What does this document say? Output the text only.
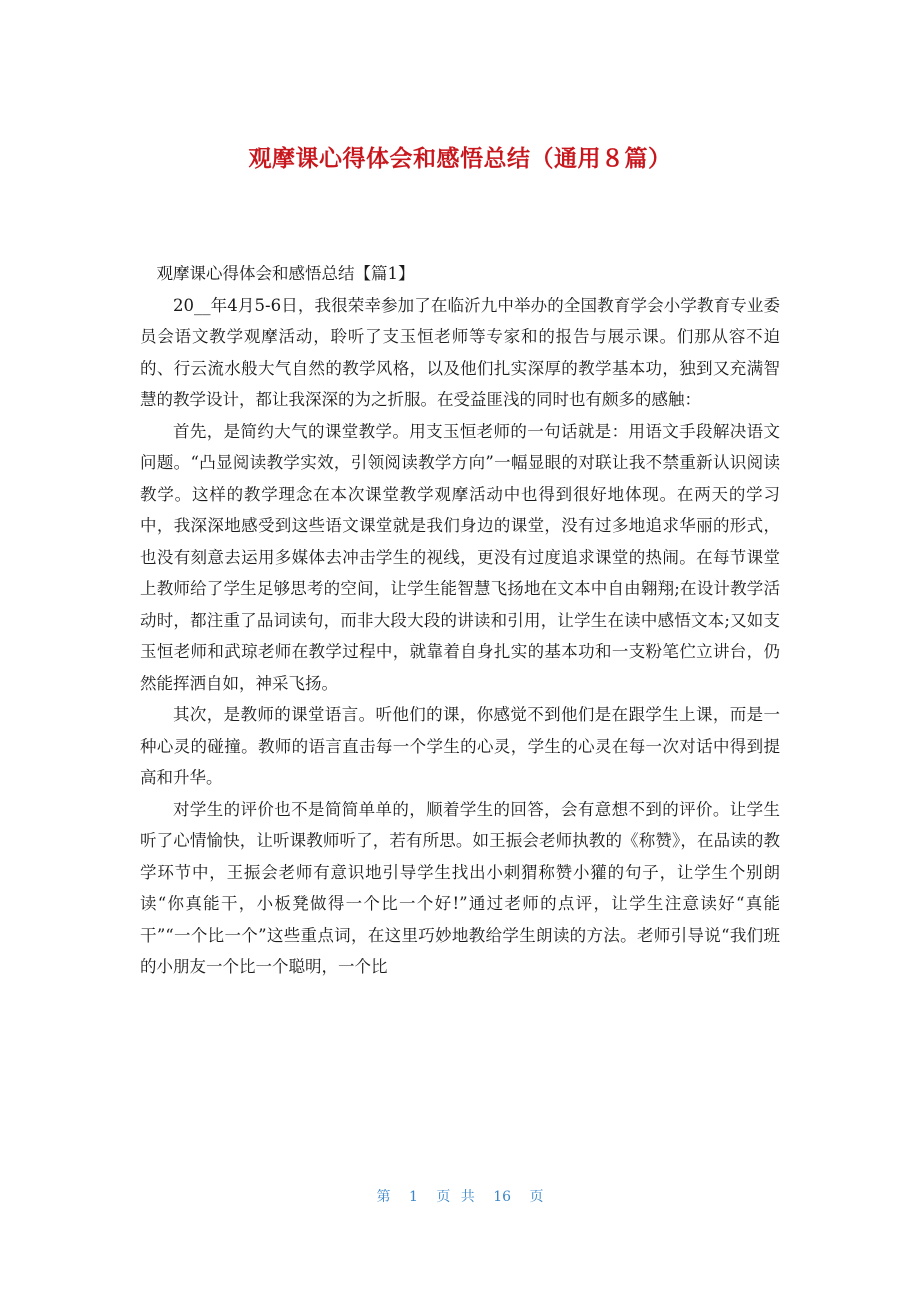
观摩课心得体会和感悟总结（通用８篇）
观摩课心得体会和感悟总结【篇1】

20__年4月5-6日，我很荣幸参加了在临沂九中举办的全国教育学会小学教育专业委员会语文教学观摩活动，聆听了支玉恒老师等专家和的报告与展示课。们那从容不迫的、行云流水般大气自然的教学风格，以及他们扎实深厚的教学基本功，独到又充满智慧的教学设计，都让我深深的为之折服。在受益匪浅的同时也有颇多的感触：

首先，是简约大气的课堂教学。用支玉恒老师的一句话就是：用语文手段解决语文问题。“凸显阅读教学实效，引领阅读教学方向”一幅显眼的对联让我不禁重新认识阅读教学。这样的教学理念在本次课堂教学观摩活动中也得到很好地体现。在两天的学习中，我深深地感受到这些语文课堂就是我们身边的课堂，没有过多地追求华丽的形式，也没有刻意去运用多媒体去冲击学生的视线，更没有过度追求课堂的热闹。在每节课堂上教师给了学生足够思考的空间，让学生能智慧飞扬地在文本中自由翱翔;在设计教学活动时，都注重了品词读句，而非大段大段的讲读和引用，让学生在读中感悟文本;又如支玉恒老师和武琼老师在教学过程中，就靠着自身扎实的基本功和一支粉笔伫立讲台，仍然能挥洒自如，神采飞扬。

其次，是教师的课堂语言。听他们的课，你感觉不到他们是在跟学生上课，而是一种心灵的碰撞。教师的语言直击每一个学生的心灵，学生的心灵在每一次对话中得到提高和升华。

对学生的评价也不是简简单单的，顺着学生的回答，会有意想不到的评价。让学生听了心情愉快，让听课教师听了，若有所思。如王振会老师执教的《称赞》，在品读的教学环节中，王振会老师有意识地引导学生找出小刺猬称赞小獾的句子，让学生个别朗读“你真能干，小板凳做得一个比一个好!”通过老师的点评，让学生注意读好“真能干”“一个比一个”这些重点词，在这里巧妙地教给学生朗读的方法。老师引导说“我们班的小朋友一个比一个聪明，一个比

第 1 页 共 16 页
